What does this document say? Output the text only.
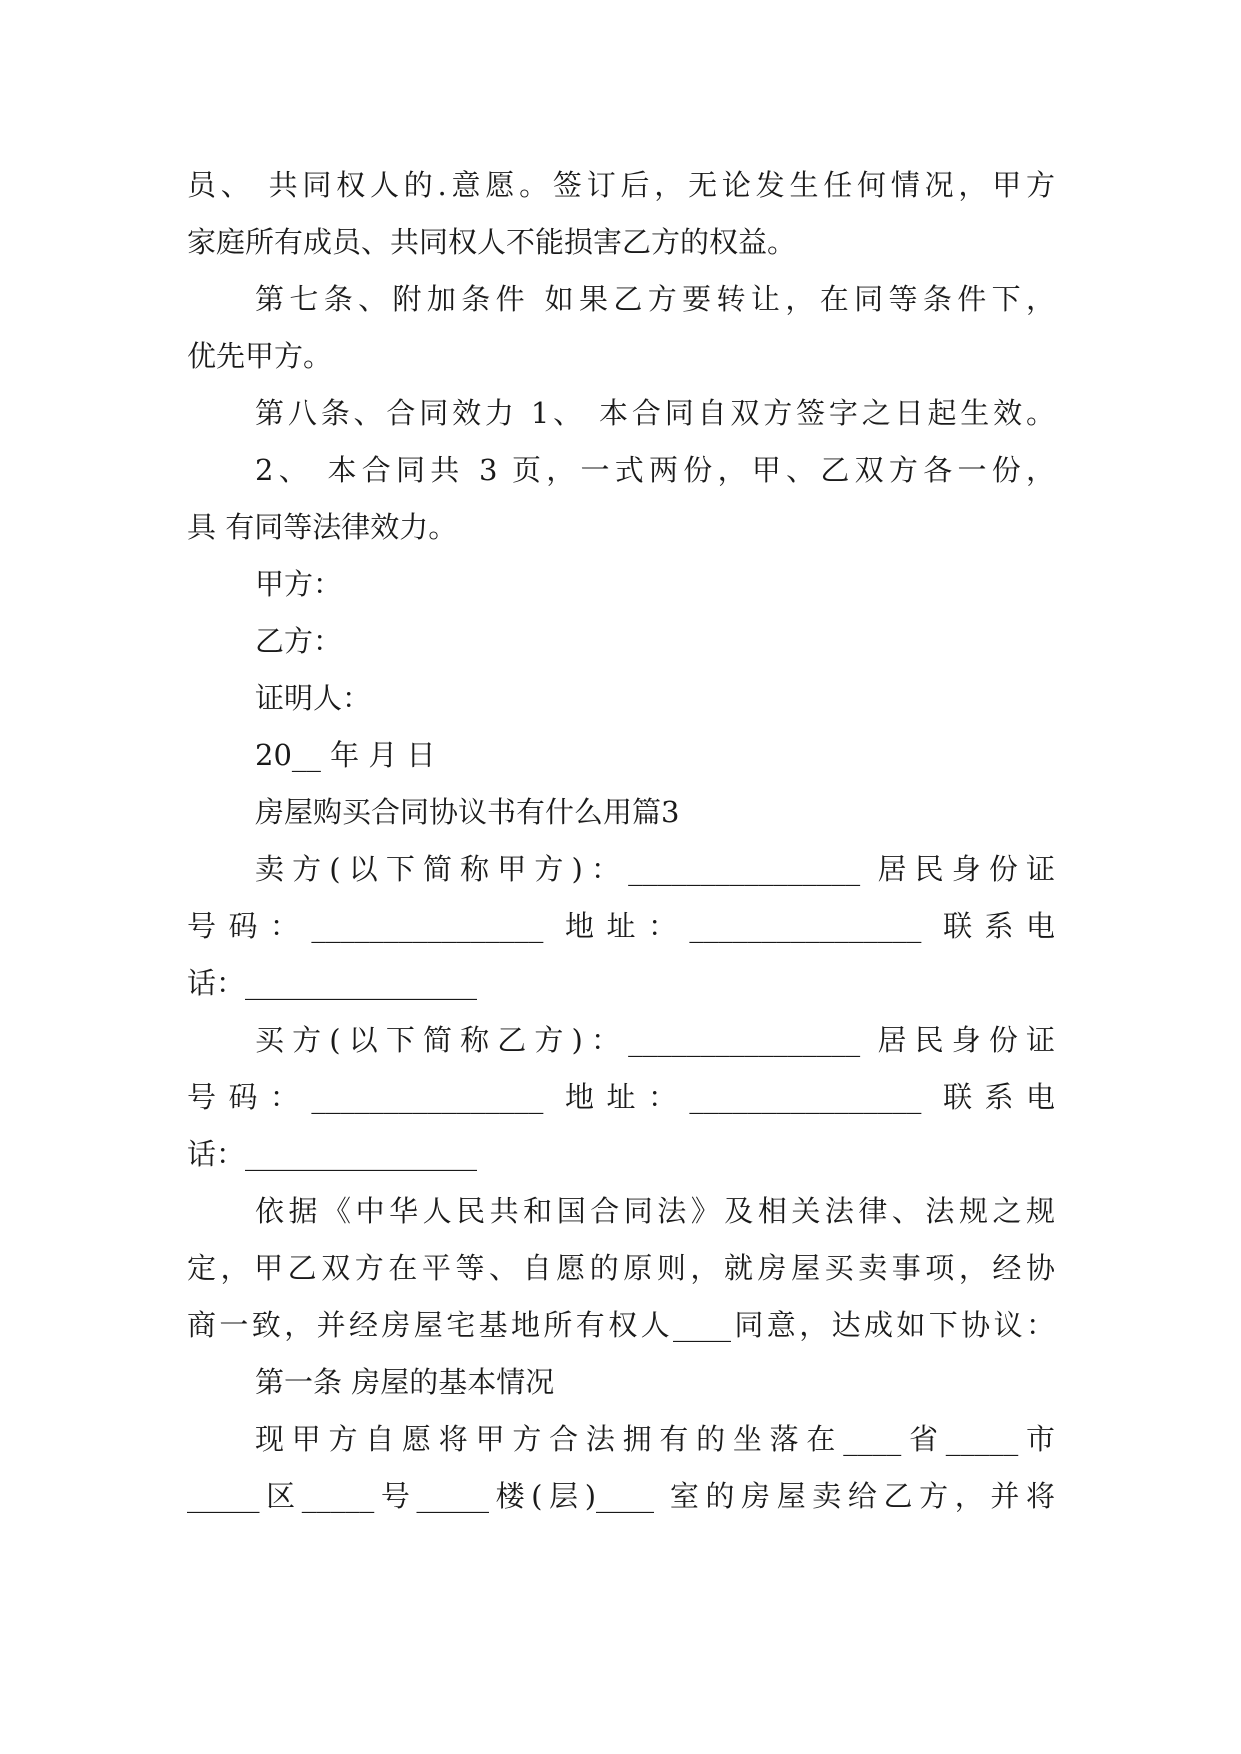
员、 共同权人的.意愿。签订后，无论发生任何情况，甲方
家庭所有成员、共同权人不能损害乙方的权益。
第七条、附加条件 如果乙方要转让，在同等条件下，
优先甲方。
第八条、合同效力 1、 本合同自双方签字之日起生效。
2、 本合同共 3 页，一式两份，甲、乙双方各一份，
具 有同等法律效力。
甲方：
乙方：
证明人：
20__ 年 月 日
房屋购买合同协议书有什么用篇3
卖方(以下简称甲方)：________________ 居民身份证
号码：________________ 地址：________________ 联系电
话：________________
买方(以下简称乙方)：________________ 居民身份证
号码：________________ 地址：________________ 联系电
话：________________
依据《中华人民共和国合同法》及相关法律、法规之规
定，甲乙双方在平等、自愿的原则，就房屋买卖事项，经协
商一致，并经房屋宅基地所有权人____同意，达成如下协议：
第一条 房屋的基本情况
现甲方自愿将甲方合法拥有的坐落在____省_____市
_____区_____号_____楼(层)____ 室的房屋卖给乙方，并将
